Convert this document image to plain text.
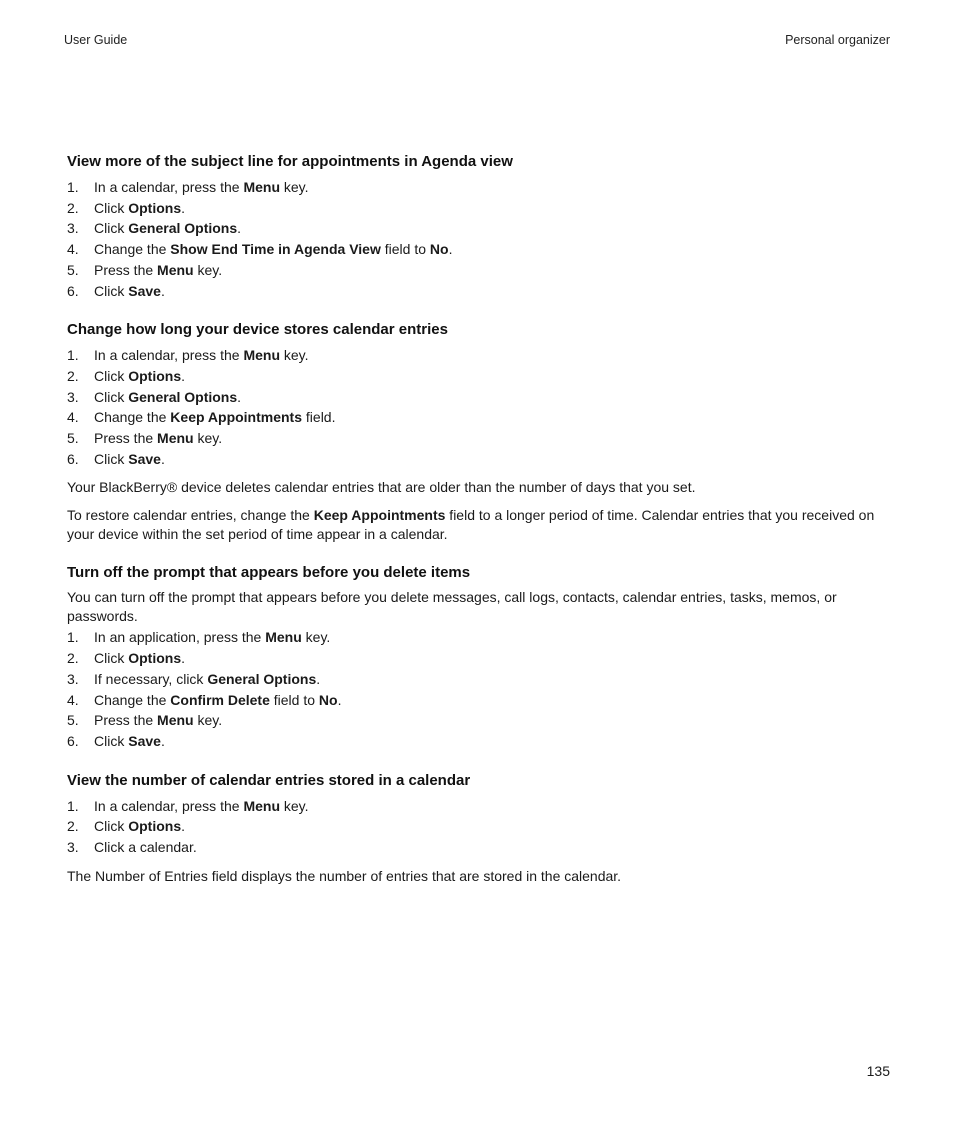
User Guide	Personal organizer
View more of the subject line for appointments in Agenda view
1. In a calendar, press the Menu key.
2. Click Options.
3. Click General Options.
4. Change the Show End Time in Agenda View field to No.
5. Press the Menu key.
6. Click Save.
Change how long your device stores calendar entries
1. In a calendar, press the Menu key.
2. Click Options.
3. Click General Options.
4. Change the Keep Appointments field.
5. Press the Menu key.
6. Click Save.

Your BlackBerry® device deletes calendar entries that are older than the number of days that you set.

To restore calendar entries, change the Keep Appointments field to a longer period of time. Calendar entries that you received on your device within the set period of time appear in a calendar.

Turn off the prompt that appears before you delete items

You can turn off the prompt that appears before you delete messages, call logs, contacts, calendar entries, tasks, memos, or passwords.

1. In an application, press the Menu key.
2. Click Options.
3. If necessary, click General Options.
4. Change the Confirm Delete field to No.
5. Press the Menu key.
6. Click Save.
View the number of calendar entries stored in a calendar
1. In a calendar, press the Menu key.
2. Click Options.
3. Click a calendar.

The Number of Entries field displays the number of entries that are stored in the calendar.

135
